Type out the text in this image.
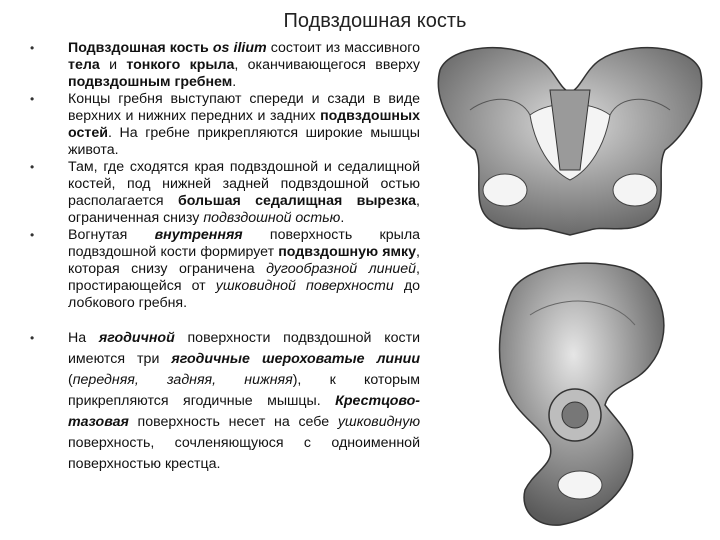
Подвздошная кость
• Подвздошная кость os ilium состоит из массивного тела и тонкого крыла, оканчивающегося вверху подвздошным гребнем.
• Концы гребня выступают спереди и сзади в виде верхних и нижних передних и задних подвздошных остей. На гребне прикрепляются широкие мышцы живота.
• Там, где сходятся края подвздошной и седалищной костей, под нижней задней подвздошной остью располагается большая седалищная вырезка, ограниченная снизу подвздошной остью.
• Вогнутая внутренняя поверхность крыла подвздошной кости формирует подвздошную ямку, которая снизу ограничена дугообразной линией, простирающейся от ушковидной поверхности до лобкового гребня.
• На ягодичной поверхности подвздошной кости имеются три ягодичные шероховатые линии (передняя, задняя, нижняя), к которым прикрепляются ягодичные мышцы. Крестцово-тазовая поверхность несет на себе ушковидную поверхность, сочленяющуюся с одноименной поверхностью крестца.
